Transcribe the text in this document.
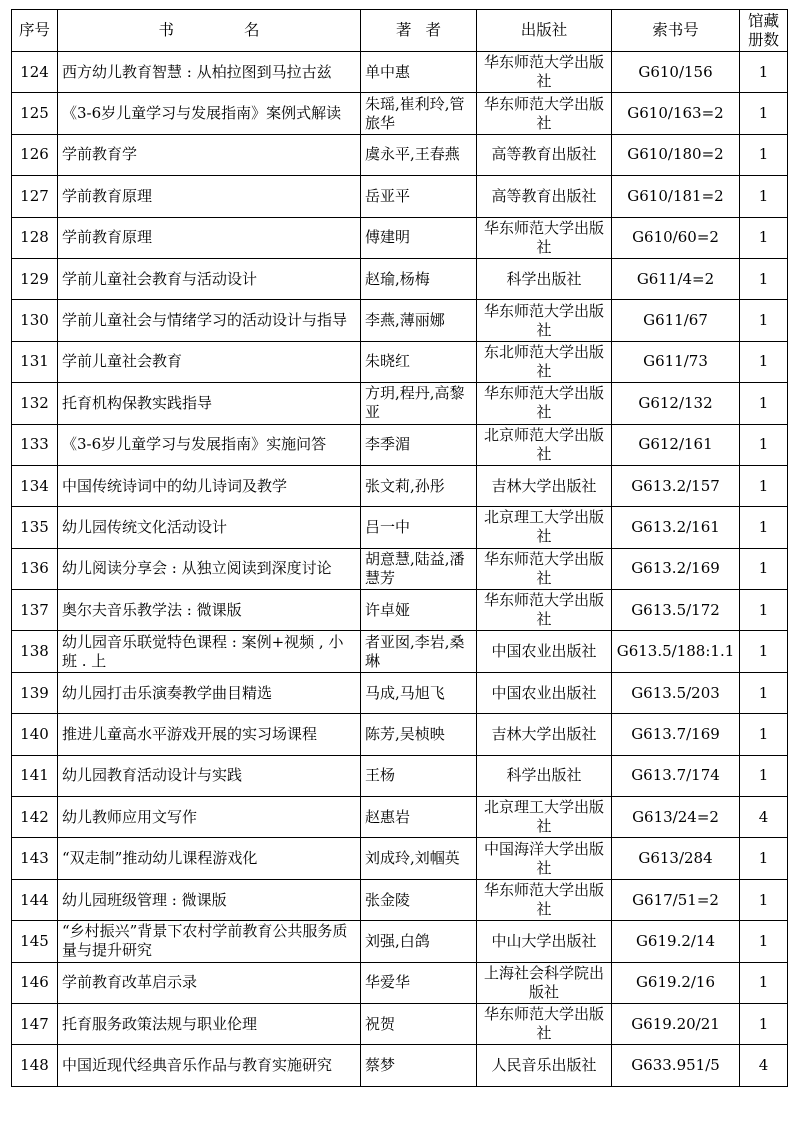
序号	书名	著者	出版社	索书号	馆藏册数
124	西方幼儿教育智慧 : 从柏拉图到马拉古兹	单中惠	华东师范大学出版社	G610/156	1
125	《3-6岁儿童学习与发展指南》案例式解读	朱瑶,崔利玲,管旅华	华东师范大学出版社	G610/163=2	1
126	学前教育学	虞永平,王春燕	高等教育出版社	G610/180=2	1
127	学前教育原理	岳亚平	高等教育出版社	G610/181=2	1
128	学前教育原理	傅建明	华东师范大学出版社	G610/60=2	1
129	学前儿童社会教育与活动设计	赵瑜,杨梅	科学出版社	G611/4=2	1
130	学前儿童社会与情绪学习的活动设计与指导	李燕,薄丽娜	华东师范大学出版社	G611/67	1
131	学前儿童社会教育	朱晓红	东北师范大学出版社	G611/73	1
132	托育机构保教实践指导	方玥,程丹,高黎亚	华东师范大学出版社	G612/132	1
133	《3-6岁儿童学习与发展指南》实施问答	李季湄	北京师范大学出版社	G612/161	1
134	中国传统诗词中的幼儿诗词及教学	张文莉,孙彤	吉林大学出版社	G613.2/157	1
135	幼儿园传统文化活动设计	吕一中	北京理工大学出版社	G613.2/161	1
136	幼儿阅读分享会 : 从独立阅读到深度讨论	胡意慧,陆益,潘慧芳	华东师范大学出版社	G613.2/169	1
137	奥尔夫音乐教学法 : 微课版	许卓娅	华东师范大学出版社	G613.5/172	1
138	幼儿园音乐联觉特色课程 : 案例+视频 , 小班 . 上	者亚囡,李岩,桑琳	中国农业出版社	G613.5/188:1.1	1
139	幼儿园打击乐演奏教学曲目精选	马成,马旭飞	中国农业出版社	G613.5/203	1
140	推进儿童高水平游戏开展的实习场课程	陈芳,吴桢映	吉林大学出版社	G613.7/169	1
141	幼儿园教育活动设计与实践	王杨	科学出版社	G613.7/174	1
142	幼儿教师应用文写作	赵惠岩	北京理工大学出版社	G613/24=2	4
143	“双走制”推动幼儿课程游戏化	刘成玲,刘帼英	中国海洋大学出版社	G613/284	1
144	幼儿园班级管理 : 微课版	张金陵	华东师范大学出版社	G617/51=2	1
145	“乡村振兴”背景下农村学前教育公共服务质量与提升研究	刘强,白鸽	中山大学出版社	G619.2/14	1
146	学前教育改革启示录	华爱华	上海社会科学院出版社	G619.2/16	1
147	托育服务政策法规与职业伦理	祝贺	华东师范大学出版社	G619.20/21	1
148	中国近现代经典音乐作品与教育实施研究	蔡梦	人民音乐出版社	G633.951/5	4
